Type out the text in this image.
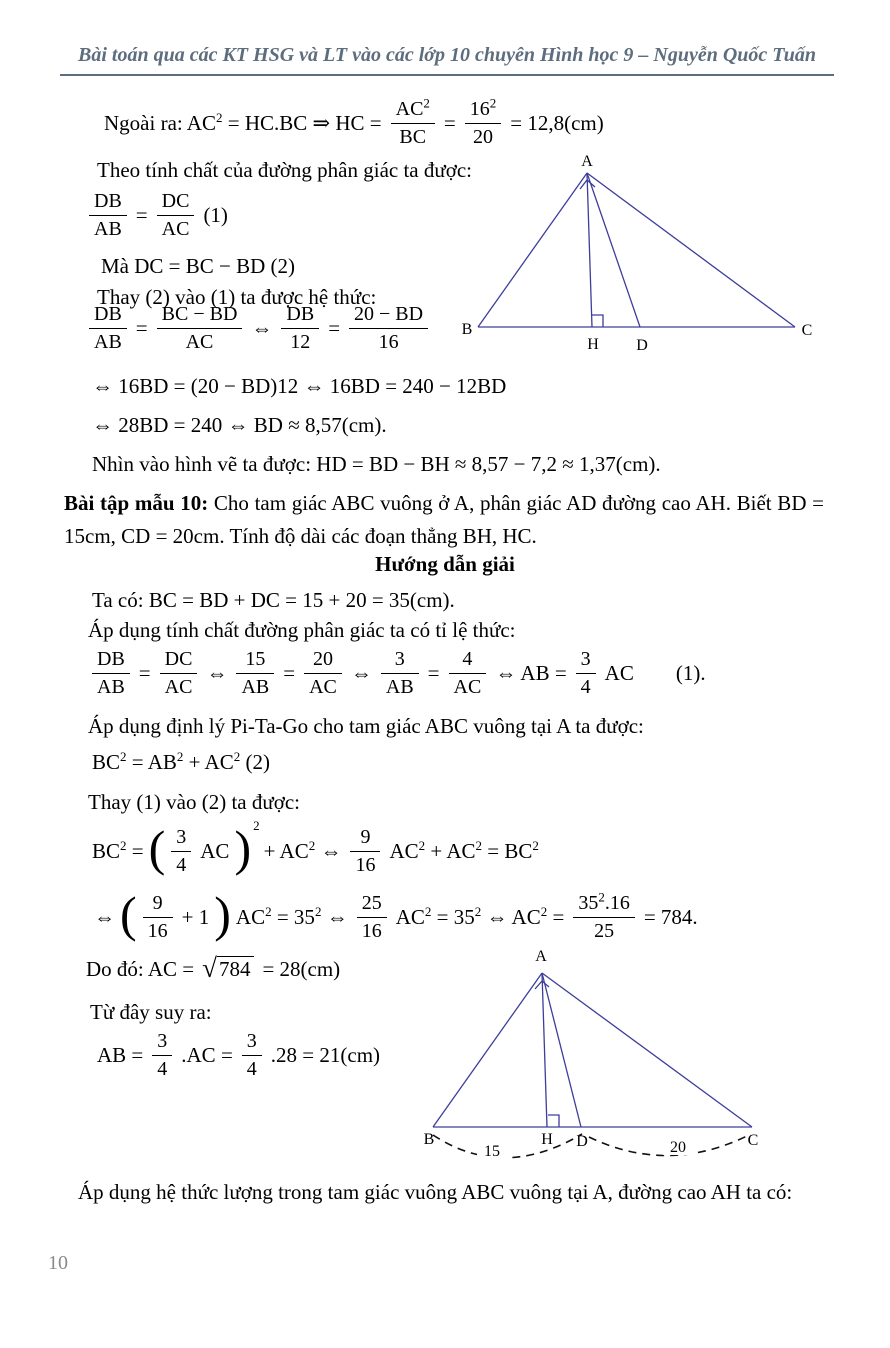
Bài toán qua các KT HSG và LT vào các lớp 10 chuyên Hình học 9 – Nguyễn Quốc Tuấn
Ngoài ra: $AC^2 = HC.BC$ ⇒ HC = $\frac{AC^2}{BC} = \frac{16^2}{20} = 12,8(cm)$
Theo tính chất của đường phân giác ta được:
$\frac{DB}{AB} = \frac{DC}{AC} (1)$
Mà DC = BC − BD (2)
Thay (2) vào (1) ta được hệ thức:
$\frac{DB}{AB} = \frac{BC - BD}{AC}$ ⇔ $\frac{DB}{12} = \frac{20 - BD}{16}$
⇔ 16BD = (20 − BD)12 ⇔ 16BD = 240 − 12BD
⇔ 28BD = 240 ⇔ BD ≈ 8,57(cm).
Nhìn vào hình vẽ ta được: HD = BD − BH ≈ 8,57 − 7,2 ≈ 1,37(cm).
A
B	C
H D
Bài tập mẫu 10: Cho tam giác ABC vuông ở A, phân giác AD đường cao AH. Biết BD = 15cm, CD = 20cm. Tính độ dài các đoạn thẳng BH, HC.
Hướng dẫn giải
Ta có: BC = BD + DC = 15 + 20 = 35(cm).
Áp dụng tính chất đường phân giác ta có tỉ lệ thức:
$\frac{DB}{AB} = \frac{DC}{AC}$ ⇔ $\frac{15}{AB} = \frac{20}{AC}$ ⇔ $\frac{3}{AB} = \frac{4}{AC}$ ⇔ AB = $\frac{3}{4}$ AC (1).
Áp dụng định lý Pi-Ta-Go cho tam giác ABC vuông tại A ta được:
$BC^2 = AB^2 + AC^2$ (2)
Thay (1) vào (2) ta được:
$BC^2$ = ( $\frac{3}{4}$ AC ) $^2+ AC^2$ ⇔ $\frac{9}{16} AC^2 + AC^2 = BC^2$
⇔ ( $\frac{9}{16} + 1$ ) $AC^2 = 35^2$ ⇔ $\frac{25}{16} AC^2 = 35^2$ ⇔ $AC^2 = \frac{35^2.16}{25} = 784$.
Do đó: AC = √784 = 28(cm)
Từ đây suy ra:
AB = $\frac{3}{4} .AC = \frac{3}{4} .28 = 21(cm)$
A
B	C
H D
15	20
Áp dụng hệ thức lượng trong tam giác vuông ABC vuông tại A, đường cao AH ta có:
10
